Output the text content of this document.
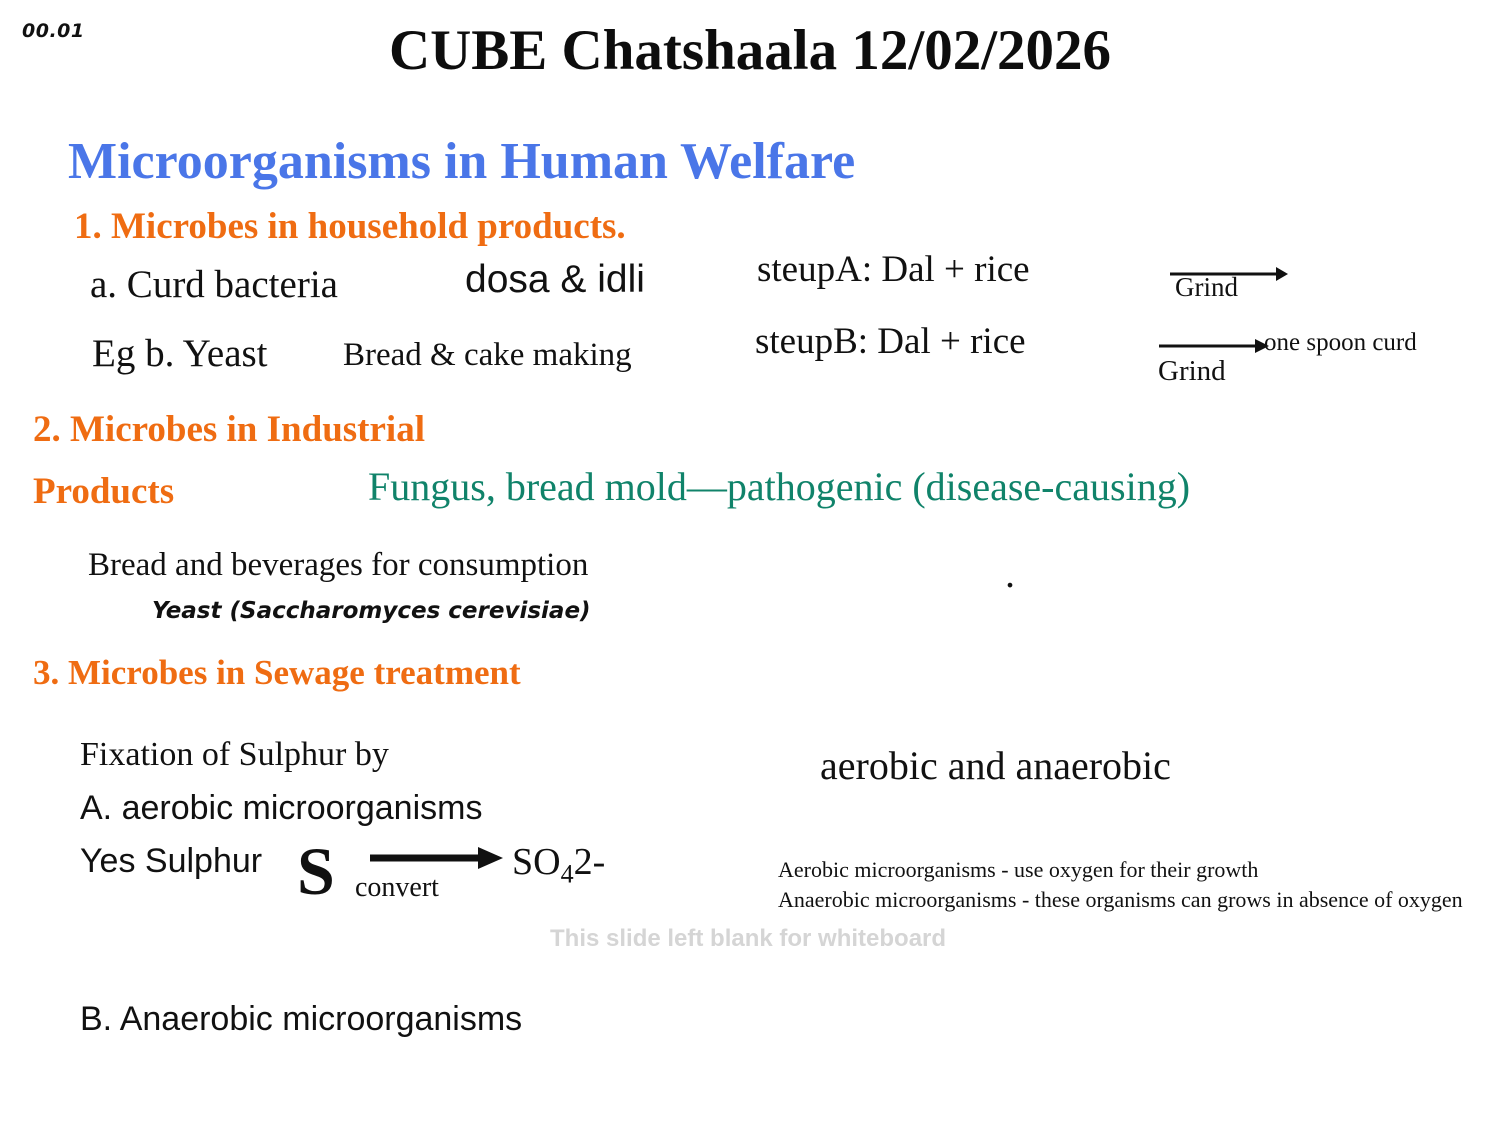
00.01	CUBE Chatshaala 12/02/2026
Microorganisms in Human Welfare
1. Microbes in household products.
a. Curd bacteria	dosa & idli
Eg b. Yeast Bread & cake making
steupA: Dal + rice	Grind
steupB: Dal + rice
Grind
one spoon curd
2. Microbes in Industrial
Products	Fungus, bread mold—pathogenic (disease-causing)
.
Bread and beverages for consumption
Yeast (Saccharomyces cerevisiae)
3. Microbes in Sewage treatment
Fixation of Sulphur by
A. aerobic microorganisms
Yes Sulphur S convert
$SO_42-$
aerobic and anaerobic
Aerobic microorganisms - use oxygen for their growth
Anaerobic microorganisms - these organisms can grows in absence of oxygen
B. Anaerobic microorganisms
This slide left blank for whiteboard
